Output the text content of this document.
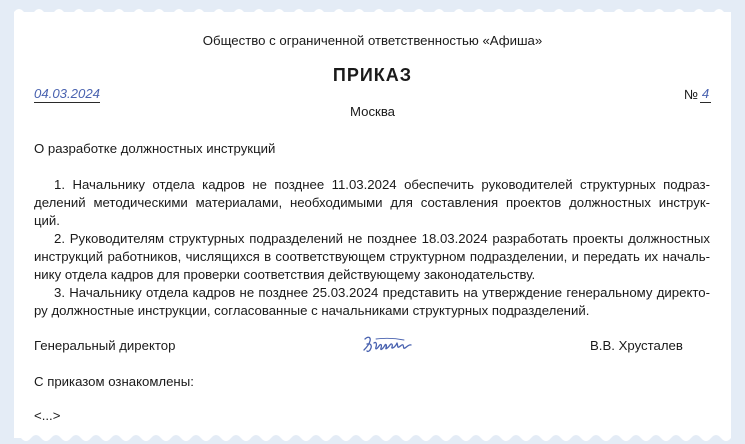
Общество с ограниченной ответственностью «Афиша»
ПРИКАЗ
04.03.2024	№ 4
Москва
О разработке должностных инструкций
1. Начальнику отдела кадров не позднее 11.03.2024 обеспечить руководителей структурных подраз-
делений методическими материалами, необходимыми для составления проектов должностных инструк-
ций.
2. Руководителям структурных подразделений не позднее 18.03.2024 разработать проекты должностных
инструкций работников, числящихся в соответствующем структурном подразделении, и передать их началь-
нику отдела кадров для проверки соответствия действующему законодательству.
3. Начальнику отдела кадров не позднее 25.03.2024 представить на утверждение генеральному директо-
ру должностные инструкции, согласованные с начальниками структурных подразделений.
Генеральный директор	В.В. Хрусталев
С приказом ознакомлены:
<...>
